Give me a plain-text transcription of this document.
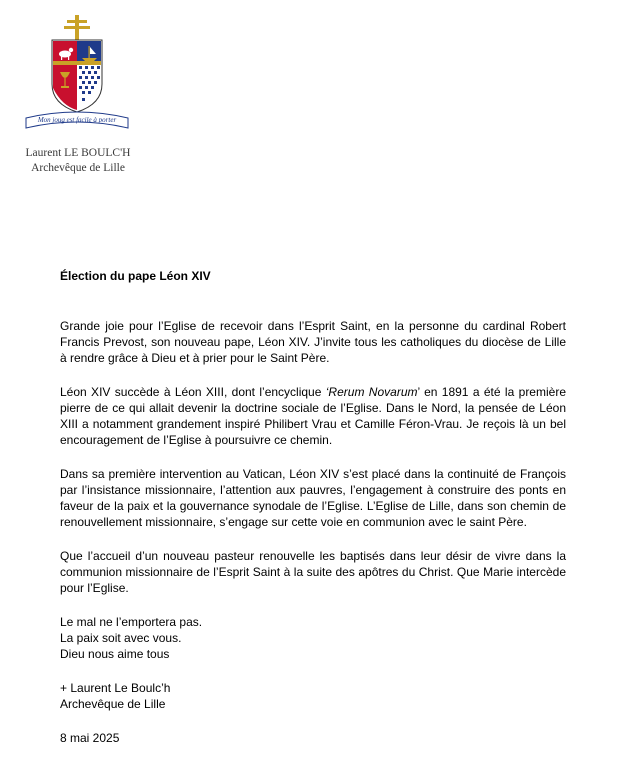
Mon joug est facile à porter
Laurent LE BOULC'H
Archevêque de Lille

Élection du pape Léon XIV

Grande joie pour l’Eglise de recevoir dans l’Esprit Saint, en la personne du cardinal Robert Francis Prevost, son nouveau pape, Léon XIV. J’invite tous les catholiques du diocèse de Lille à rendre grâce à Dieu et à prier pour le Saint Père.

Léon XIV succède à Léon XIII, dont l’encyclique ‘Rerum Novarum’ en 1891 a été la première pierre de ce qui allait devenir la doctrine sociale de l’Eglise. Dans le Nord, la pensée de Léon XIII a notamment grandement inspiré Philibert Vrau et Camille Féron-Vrau. Je reçois là un bel encouragement de l’Eglise à poursuivre ce chemin.

Dans sa première intervention au Vatican, Léon XIV s’est placé dans la continuité de François par l’insistance missionnaire, l’attention aux pauvres, l’engagement à construire des ponts en faveur de la paix et la gouvernance synodale de l’Eglise. L’Eglise de Lille, dans son chemin de renouvellement missionnaire, s’engage sur cette voie en communion avec le saint Père.

Que l’accueil d’un nouveau pasteur renouvelle les baptisés dans leur désir de vivre dans la communion missionnaire de l’Esprit Saint à la suite des apôtres du Christ. Que Marie intercède pour l’Eglise.

Le mal ne l’emportera pas.
La paix soit avec vous.
Dieu nous aime tous

+ Laurent Le Boulc’h
Archevêque de Lille

8 mai 2025
